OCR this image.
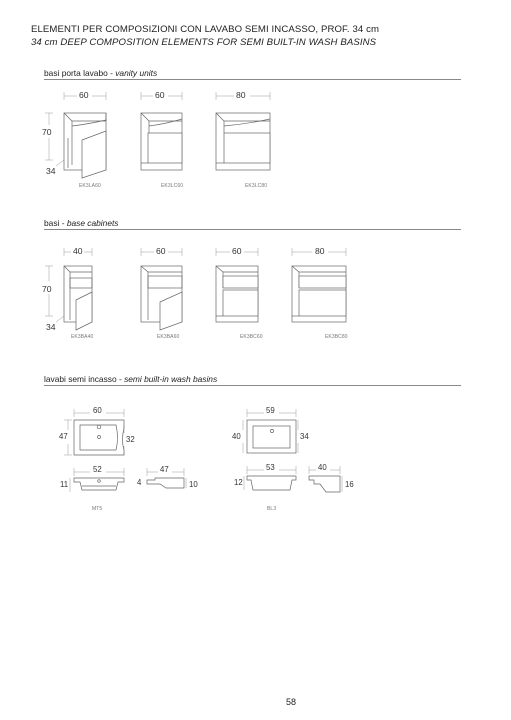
ELEMENTI PER COMPOSIZIONI CON LAVABO SEMI INCASSO, PROF. 34 cm
34 cm DEEP COMPOSITION ELEMENTS FOR SEMI BUILT-IN WASH BASINS
basi porta lavabo - vanity units
60	60	80
70
34
EK3LA60	EK3LC60	EK3LC80
basi - base cabinets
40	60	60	80
70
34
EK3BA40	EK3BA60	EK3BC60	EK3BC80
lavabi semi incasso - semi built-in wash basins
60
47	32
52
11
47
4	10
MT5
59
40	34
53
12
40
16
BL3
58
